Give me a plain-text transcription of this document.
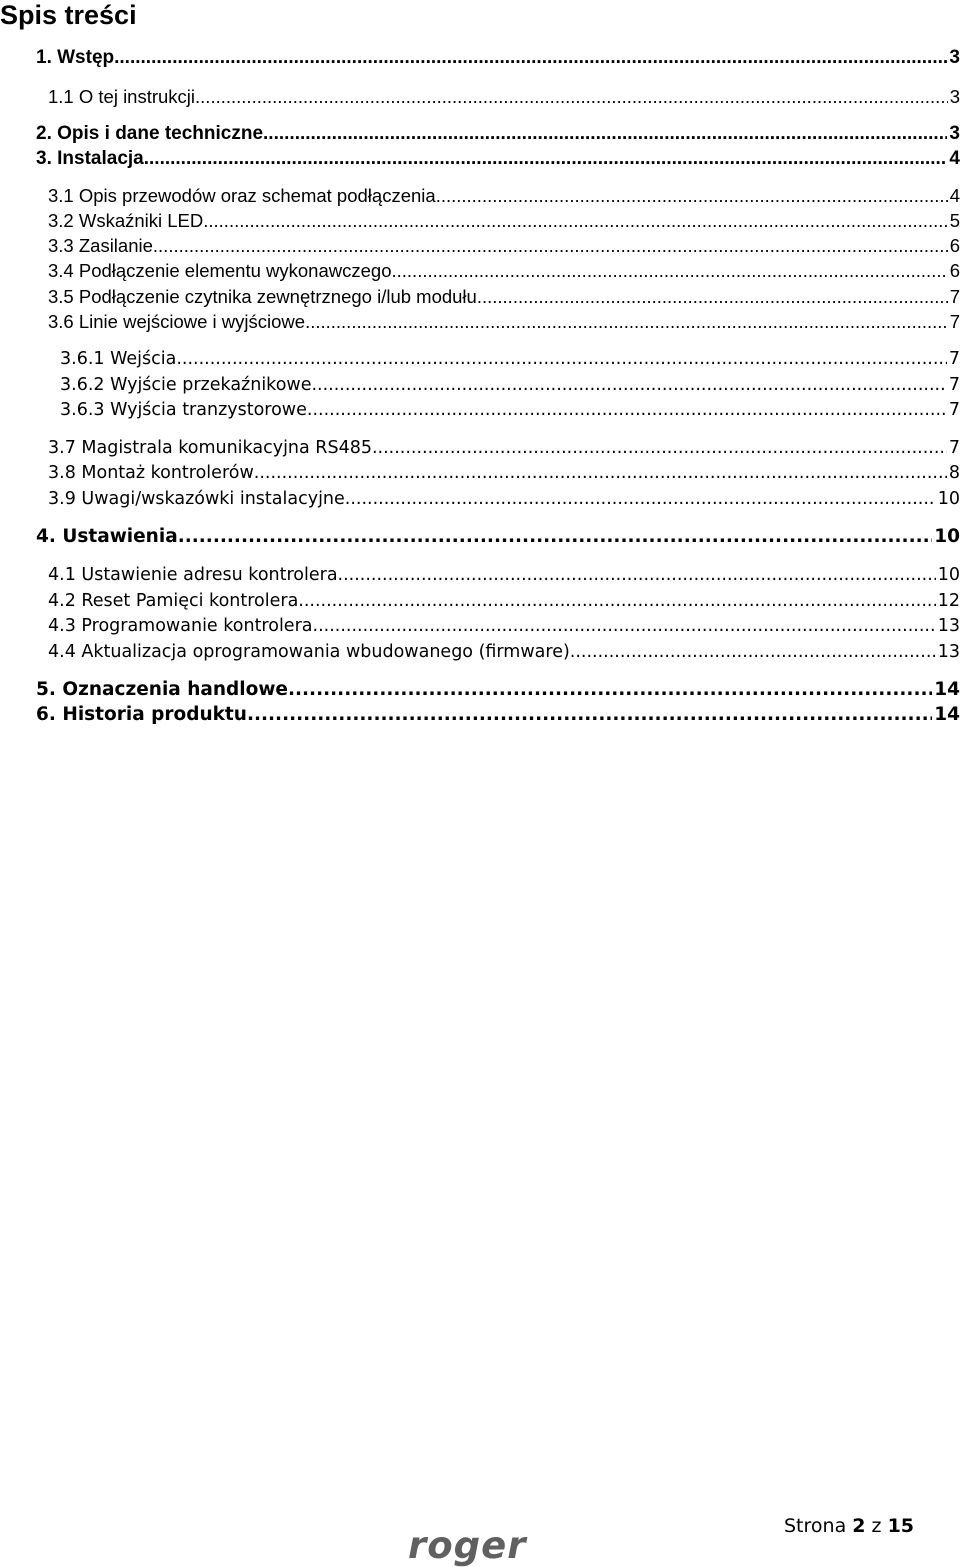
Spis treści
1. Wstęp .....	3
1.1 O tej instrukcji .....	3
2. Opis i dane techniczne .....	3
3. Instalacja .....	4
3.1 Opis przewodów oraz schemat podłączenia .....	4
3.2 Wskaźniki LED .....	5
3.3 Zasilanie .....	6
3.4 Podłączenie elementu wykonawczego .....	6
3.5 Podłączenie czytnika zewnętrznego i/lub modułu .....	7
3.6 Linie wejściowe i wyjściowe .....	7
3.6.1 Wejścia .....	7
3.6.2 Wyjście przekaźnikowe .....	7
3.6.3 Wyjścia tranzystorowe .....	7
3.7 Magistrala komunikacyjna RS485 .....	7
3.8 Montaż kontrolerów .....	8
3.9 Uwagi/wskazówki instalacyjne .....	10
4. Ustawienia .....	10
4.1 Ustawienie adresu kontrolera .....	10
4.2 Reset Pamięci kontrolera .....	12
4.3 Programowanie kontrolera .....	13
4.4 Aktualizacja oprogramowania wbudowanego (firmware) .....	13
5. Oznaczenia handlowe .....	14
6. Historia produktu .....	14
Strona 2 z 15
roger
